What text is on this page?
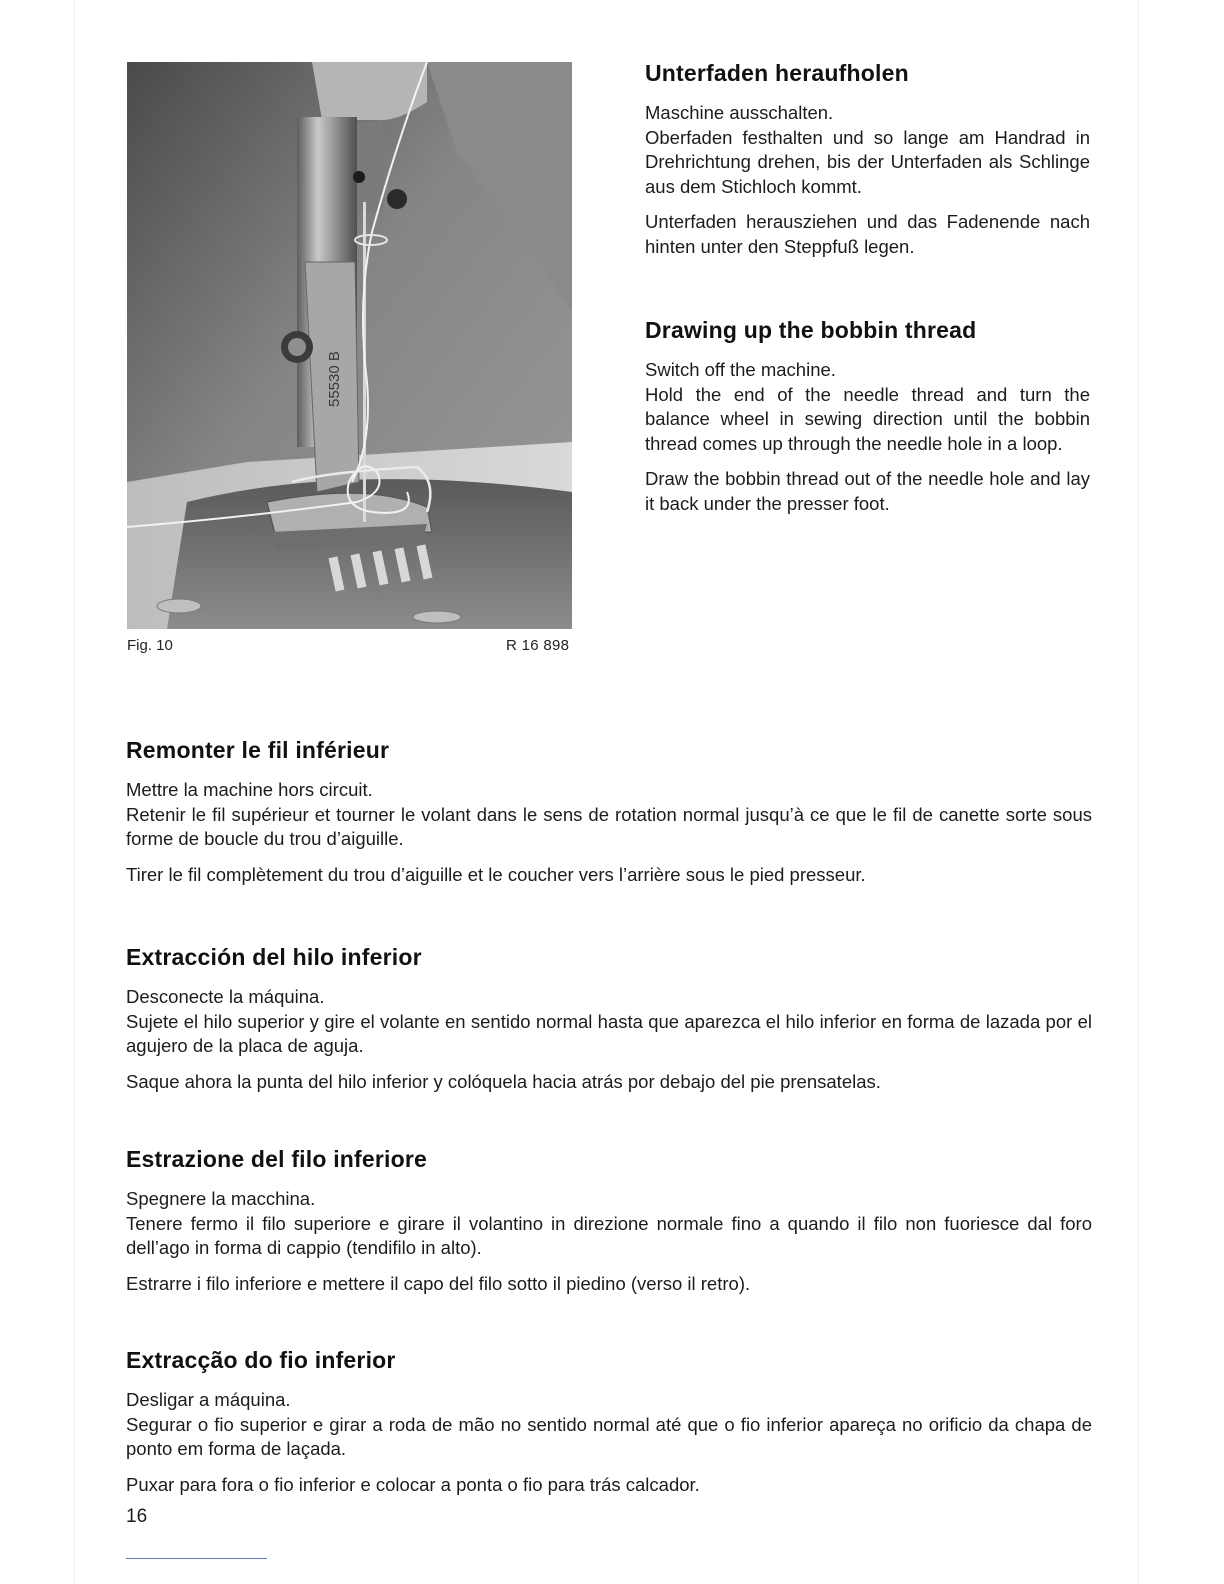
55530 B
Fig. 10	R 16 898
Unterfaden heraufholen

Maschine ausschalten.
Oberfaden festhalten und so lange am Handrad in Drehrichtung drehen, bis der Unterfaden als Schlinge aus dem Stichloch kommt.

Unterfaden herausziehen und das Fadenende nach hinten unter den Steppfuß legen.

Drawing up the bobbin thread

Switch off the machine.
Hold the end of the needle thread and turn the balance wheel in sewing direction until the bobbin thread comes up through the needle hole in a loop.

Draw the bobbin thread out of the needle hole and lay it back under the presser foot.

Remonter le fil inférieur

Mettre la machine hors circuit.
Retenir le fil supérieur et tourner le volant dans le sens de rotation normal jusqu’à ce que le fil de canette sorte sous forme de boucle du trou d’aiguille.

Tirer le fil complètement du trou d’aiguille et le coucher vers l’arrière sous le pied presseur.

Extracción del hilo inferior

Desconecte la máquina.
Sujete el hilo superior y gire el volante en sentido normal hasta que aparezca el hilo inferior en forma de lazada por el agujero de la placa de aguja.

Saque ahora la punta del hilo inferior y colóquela hacia atrás por debajo del pie prensatelas.

Estrazione del filo inferiore

Spegnere la macchina.
Tenere fermo il filo superiore e girare il volantino in direzione normale fino a quando il filo non fuoriesce dal foro dell’ago in forma di cappio (tendifilo in alto).

Estrarre i filo inferiore e mettere il capo del filo sotto il piedino (verso il retro).

Extracção do fio inferior

Desligar a máquina.
Segurar o fio superior e girar a roda de mão no sentido normal até que o fio inferior apareça no orificio da chapa de ponto em forma de laçada.

Puxar para fora o fio inferior e colocar a ponta o fio para trás calcador.

16
